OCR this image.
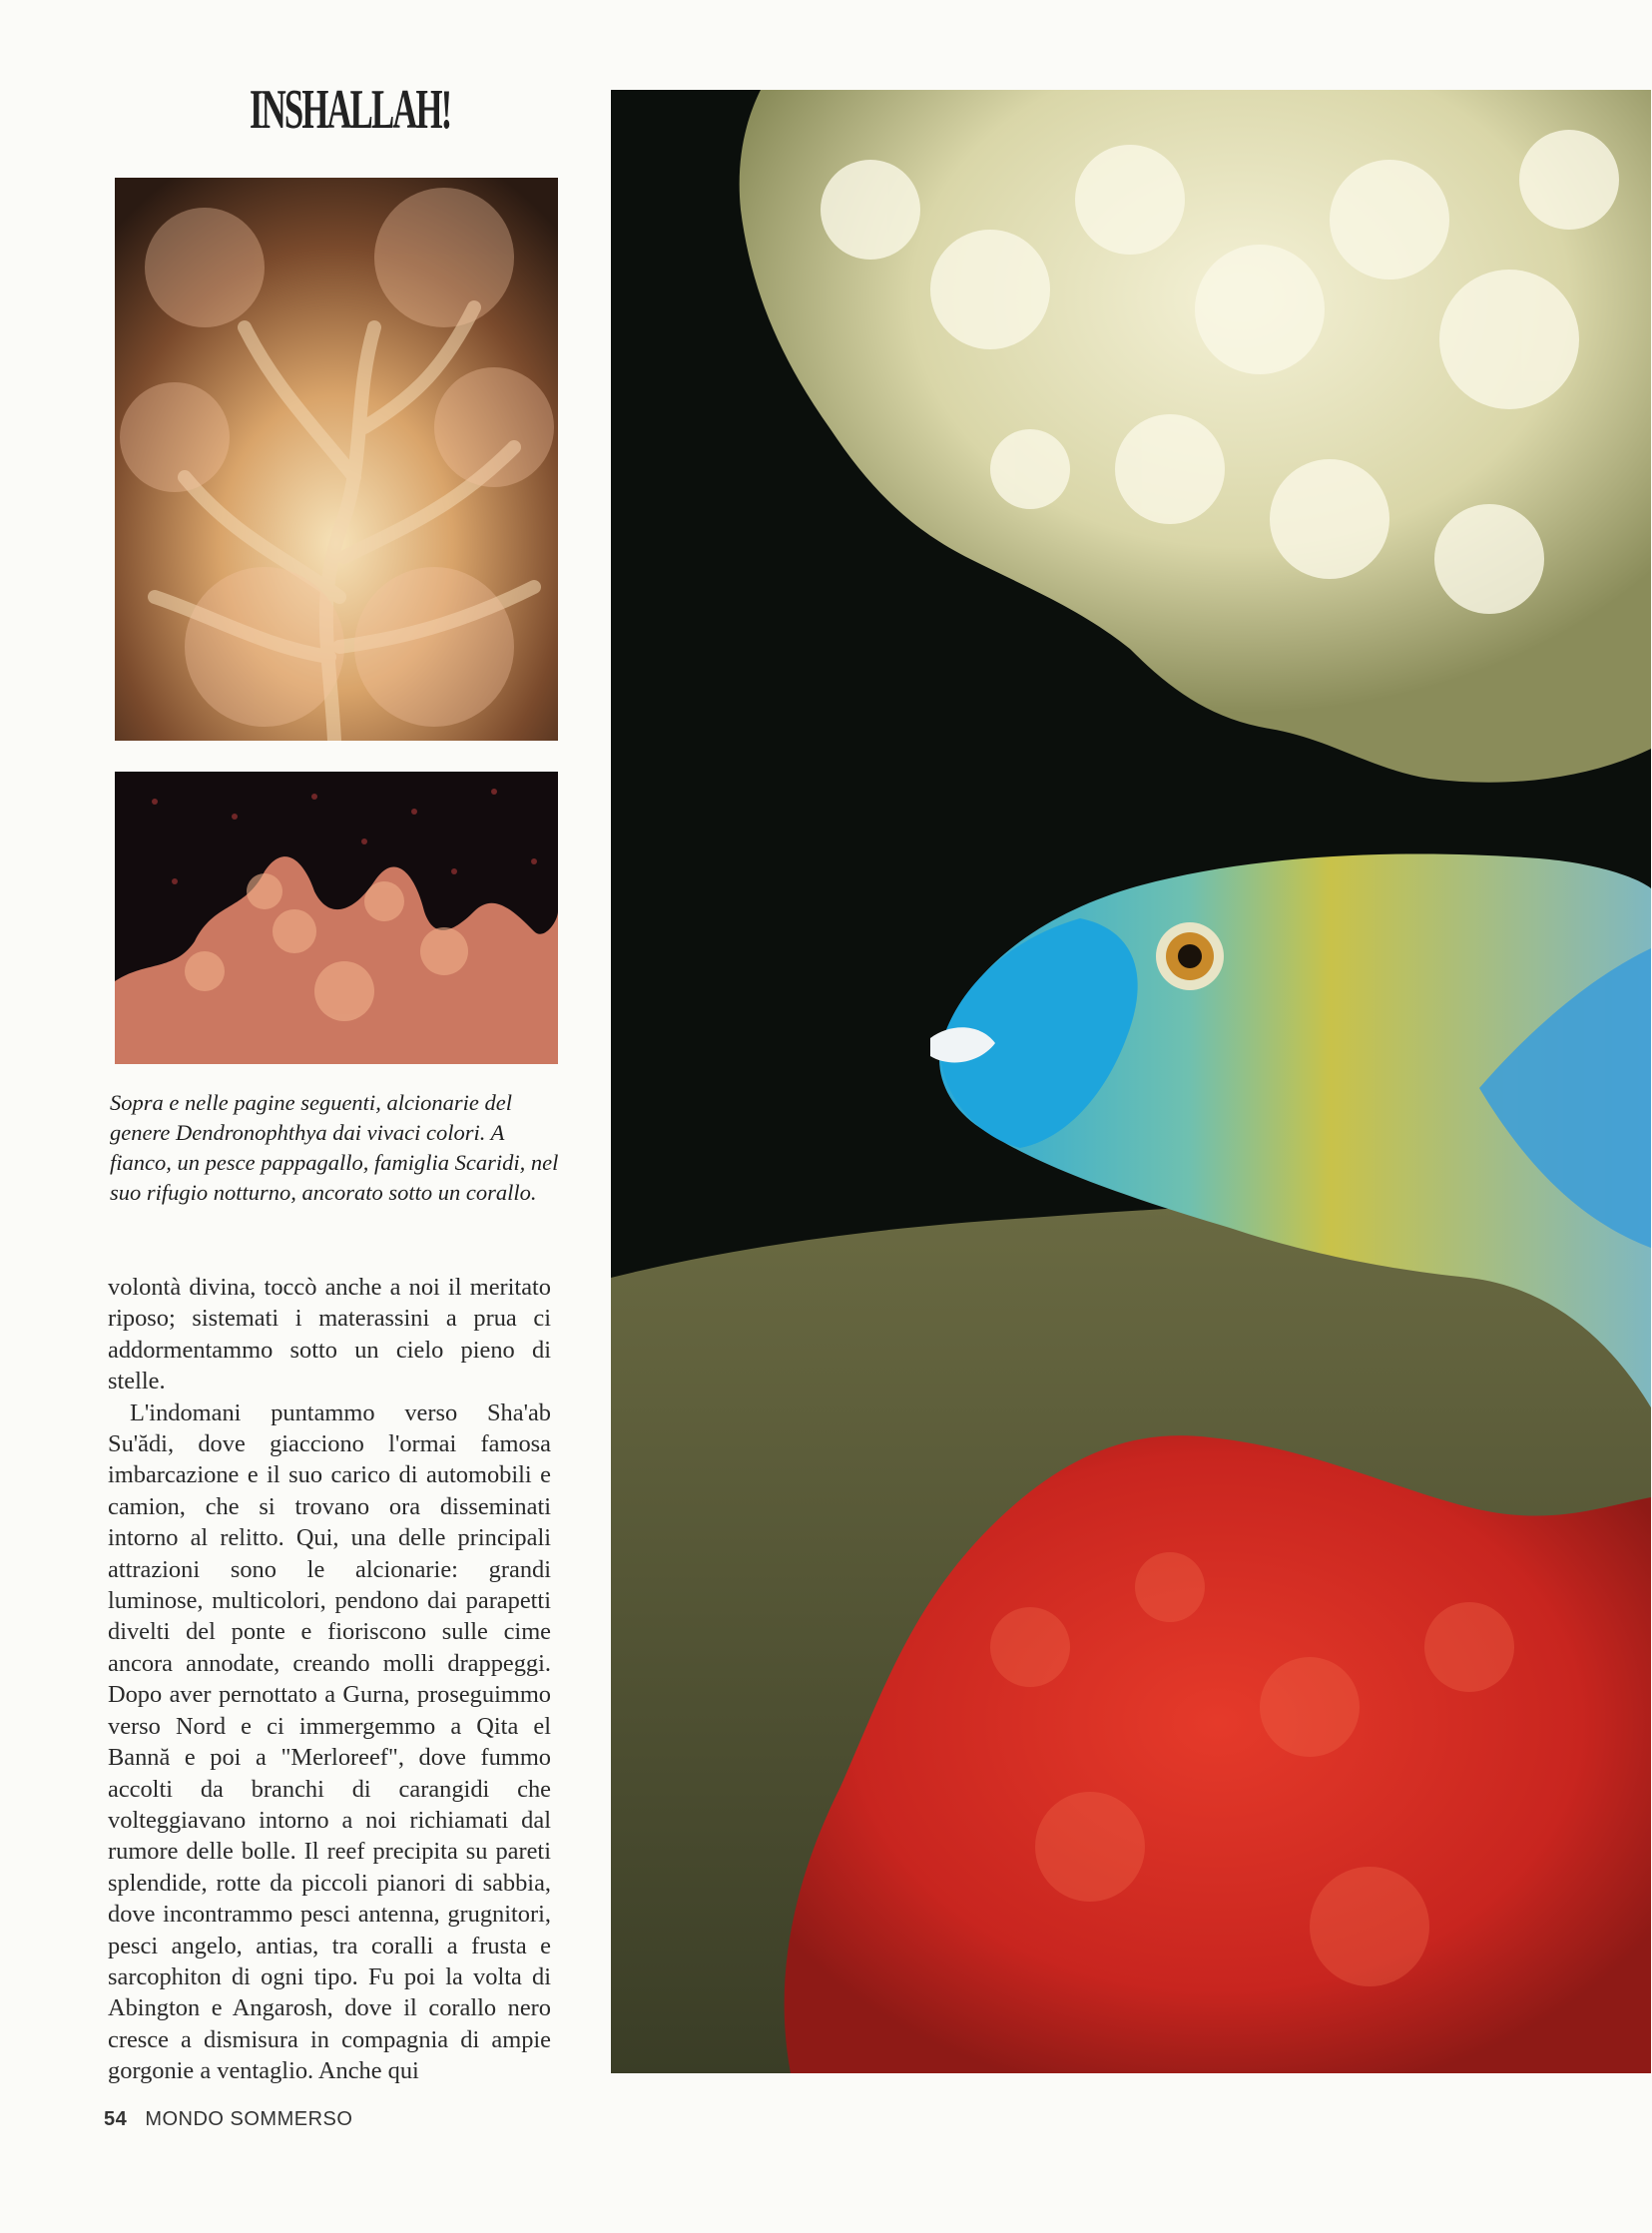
INSHALLAH!

Sopra e nelle pagine seguenti, alcionarie del

genere Dendronophthya dai vivaci colori. A

fianco, un pesce pappagallo, famiglia Scaridi, nel

suo rifugio notturno, ancorato sotto un corallo.

volontà divina, toccò anche a noi il meritato riposo; sistemati i materassini a prua ci addormentammo sotto un cielo pieno di stelle.

L'indomani puntammo verso Sha'ab Su'ădi, dove giacciono l'ormai famosa imbarcazione e il suo carico di automobili e camion, che si trovano ora disseminati intorno al relitto. Qui, una delle principali attrazioni sono le alcionarie: grandi luminose, multicolori, pendono dai parapetti divelti del ponte e fioriscono sulle cime ancora annodate, creando molli drappeggi. Dopo aver pernottato a Gurna, proseguimmo verso Nord e ci immergemmo a Qita el Bannă e poi a "Merloreef", dove fummo accolti da branchi di carangidi che volteggiavano intorno a noi richiamati dal rumore delle bolle. Il reef precipita su pareti splendide, rotte da piccoli pianori di sabbia, dove incontrammo pesci antenna, grugnitori, pesci angelo, antias, tra coralli a frusta e sarcophiton di ogni tipo. Fu poi la volta di Abington e Angarosh, dove il corallo nero cresce a dismisura in compagnia di ampie gorgonie a ventaglio. Anche qui

54 MONDO SOMMERSO
